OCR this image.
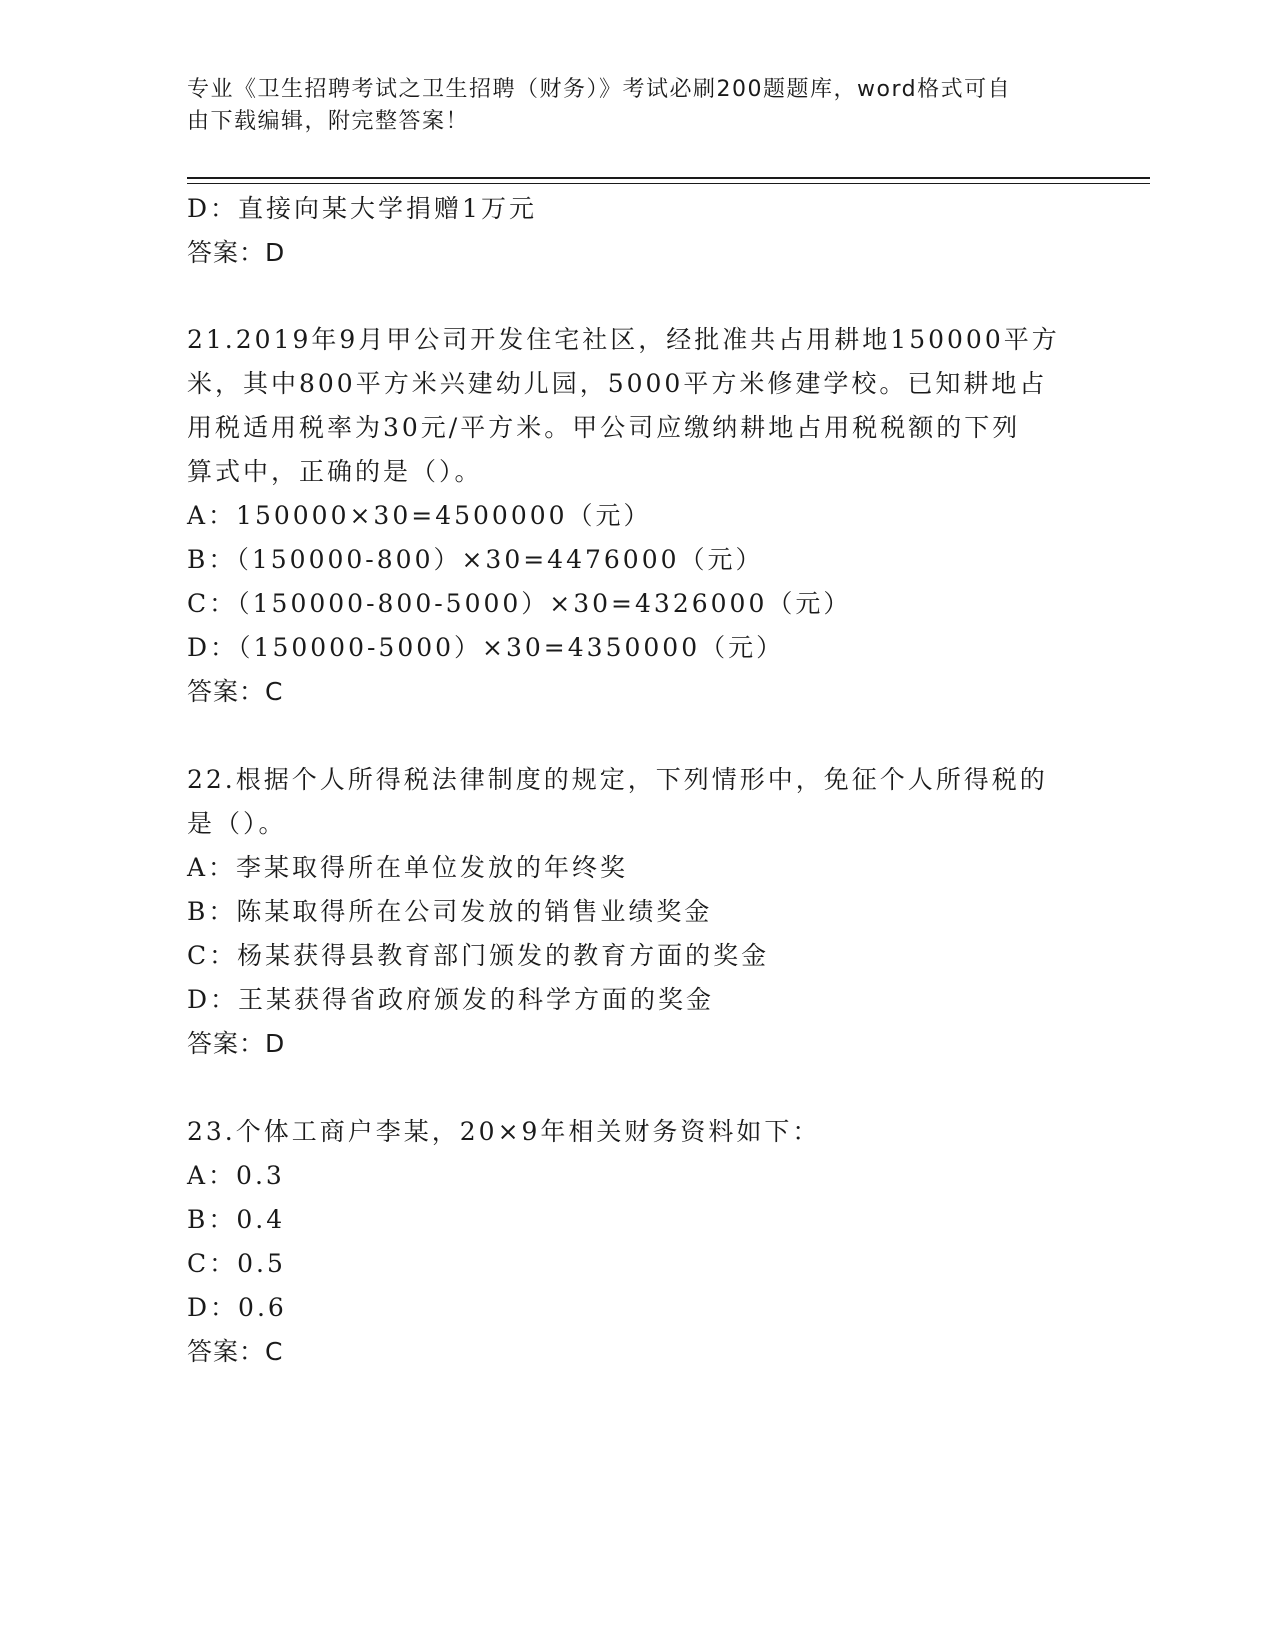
专业《卫生招聘考试之卫生招聘（财务）》考试必刷200题题库，word格式可自
由下载编辑，附完整答案！
D：直接向某大学捐赠1万元
答案：D
21.2019年9月甲公司开发住宅社区，经批准共占用耕地150000平方
米，其中800平方米兴建幼儿园，5000平方米修建学校。已知耕地占
用税适用税率为30元/平方米。甲公司应缴纳耕地占用税税额的下列
算式中，正确的是（）。
A：150000×30=4500000（元）
B：（150000-800）×30=4476000（元）
C：（150000-800-5000）×30=4326000（元）
D：（150000-5000）×30=4350000（元）
答案：C
22.根据个人所得税法律制度的规定，下列情形中，免征个人所得税的
是（）。
A：李某取得所在单位发放的年终奖
B：陈某取得所在公司发放的销售业绩奖金
C：杨某获得县教育部门颁发的教育方面的奖金
D：王某获得省政府颁发的科学方面的奖金
答案：D
23.个体工商户李某，20×9年相关财务资料如下：
A：0.3
B：0.4
C：0.5
D：0.6
答案：C
